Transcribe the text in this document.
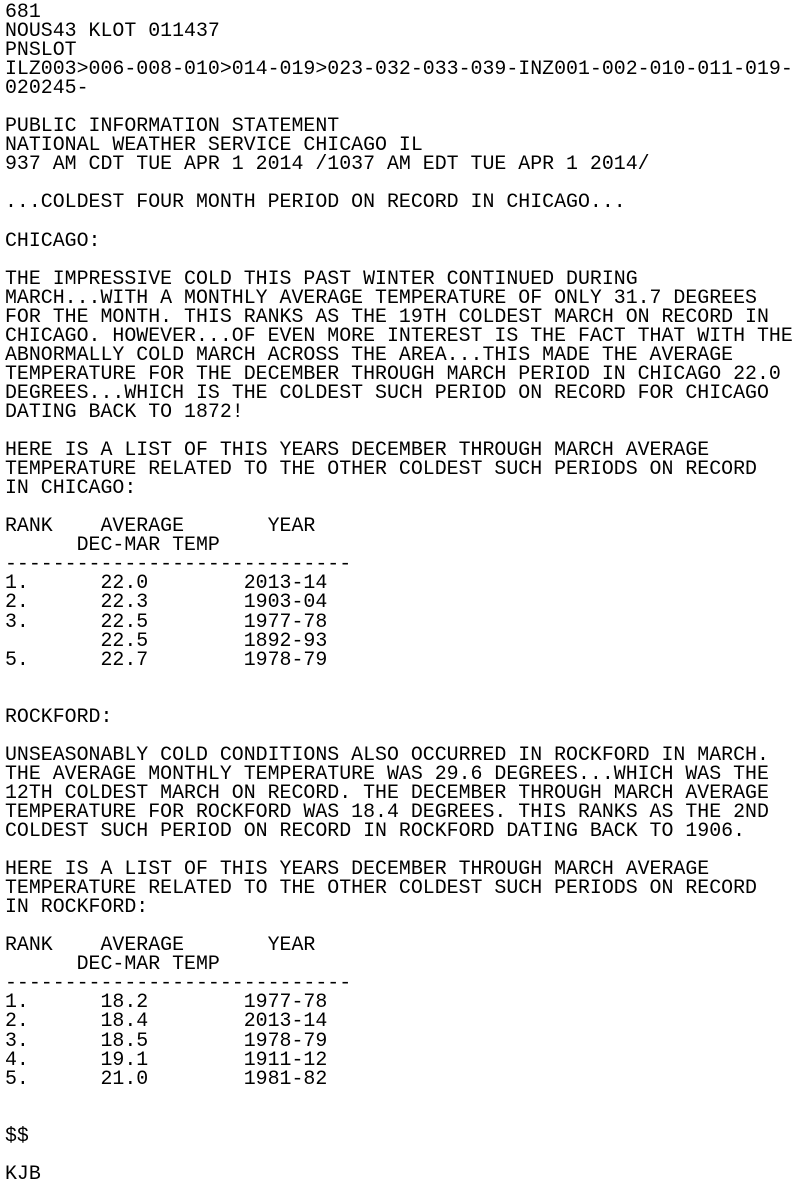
681
NOUS43 KLOT 011437
PNSLOT
ILZ003>006-008-010>014-019>023-032-033-039-INZ001-002-010-011-019-
020245-
PUBLIC INFORMATION STATEMENT
NATIONAL WEATHER SERVICE CHICAGO IL
937 AM CDT TUE APR 1 2014 /1037 AM EDT TUE APR 1 2014/
...COLDEST FOUR MONTH PERIOD ON RECORD IN CHICAGO...
CHICAGO:
THE IMPRESSIVE COLD THIS PAST WINTER CONTINUED DURING
MARCH...WITH A MONTHLY AVERAGE TEMPERATURE OF ONLY 31.7 DEGREES
FOR THE MONTH. THIS RANKS AS THE 19TH COLDEST MARCH ON RECORD IN
CHICAGO. HOWEVER...OF EVEN MORE INTEREST IS THE FACT THAT WITH THE
ABNORMALLY COLD MARCH ACROSS THE AREA...THIS MADE THE AVERAGE
TEMPERATURE FOR THE DECEMBER THROUGH MARCH PERIOD IN CHICAGO 22.0
DEGREES...WHICH IS THE COLDEST SUCH PERIOD ON RECORD FOR CHICAGO
DATING BACK TO 1872!
HERE IS A LIST OF THIS YEARS DECEMBER THROUGH MARCH AVERAGE
TEMPERATURE RELATED TO THE OTHER COLDEST SUCH PERIODS ON RECORD
IN CHICAGO:
RANK    AVERAGE       YEAR
DEC-MAR TEMP
-----------------------------
1.      22.0        2013-14
2.      22.3        1903-04
3.      22.5        1977-78
22.5        1892-93
5.      22.7        1978-79
ROCKFORD:
UNSEASONABLY COLD CONDITIONS ALSO OCCURRED IN ROCKFORD IN MARCH.
THE AVERAGE MONTHLY TEMPERATURE WAS 29.6 DEGREES...WHICH WAS THE
12TH COLDEST MARCH ON RECORD. THE DECEMBER THROUGH MARCH AVERAGE
TEMPERATURE FOR ROCKFORD WAS 18.4 DEGREES. THIS RANKS AS THE 2ND
COLDEST SUCH PERIOD ON RECORD IN ROCKFORD DATING BACK TO 1906.
HERE IS A LIST OF THIS YEARS DECEMBER THROUGH MARCH AVERAGE
TEMPERATURE RELATED TO THE OTHER COLDEST SUCH PERIODS ON RECORD
IN ROCKFORD:
RANK    AVERAGE       YEAR
DEC-MAR TEMP
-----------------------------
1.      18.2        1977-78
2.      18.4        2013-14
3.      18.5        1978-79
4.      19.1        1911-12
5.      21.0        1981-82
$$
KJB
